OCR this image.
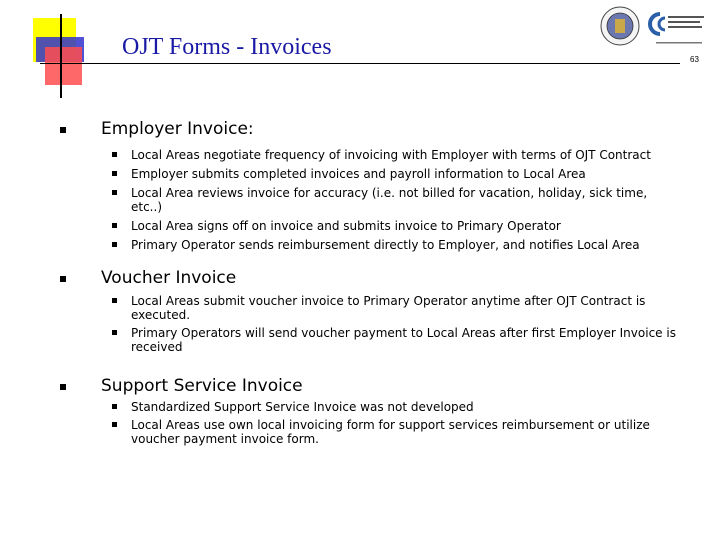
OJT Forms - Invoices	63

Employer Invoice:

Local Areas negotiate frequency of invoicing with Employer with terms of OJT Contract
Employer submits completed invoices and payroll information to Local Area
Local Area reviews invoice for accuracy (i.e. not billed for vacation, holiday, sick time, etc..)
Local Area signs off on invoice and submits invoice to Primary Operator
Primary Operator sends reimbursement directly to Employer, and notifies Local Area

Voucher Invoice

Local Areas submit voucher invoice to Primary Operator anytime after OJT Contract is executed.
Primary Operators will send voucher payment to Local Areas after first Employer Invoice is received

Support Service Invoice

Standardized Support Service Invoice was not developed
Local Areas use own local invoicing form for support services reimbursement or utilize voucher payment invoice form.
